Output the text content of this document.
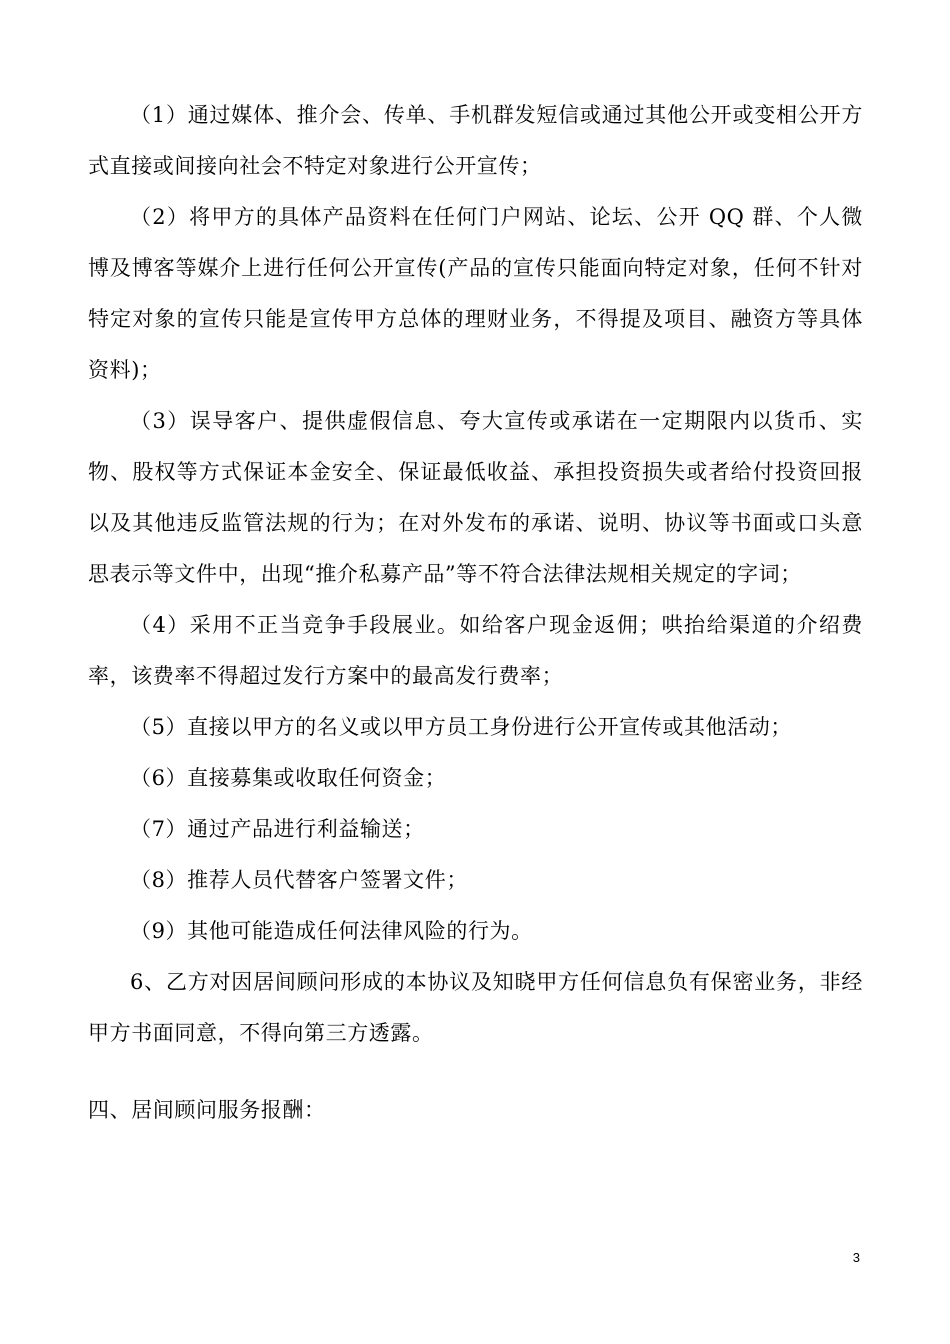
（1）通过媒体、推介会、传单、手机群发短信或通过其他公开或变相公开方式直接或间接向社会不特定对象进行公开宣传；

（2）将甲方的具体产品资料在任何门户网站、论坛、公开 QQ 群、个人微博及博客等媒介上进行任何公开宣传(产品的宣传只能面向特定对象，任何不针对特定对象的宣传只能是宣传甲方总体的理财业务，不得提及项目、融资方等具体资料)；

（3）误导客户、提供虚假信息、夸大宣传或承诺在一定期限内以货币、实物、股权等方式保证本金安全、保证最低收益、承担投资损失或者给付投资回报以及其他违反监管法规的行为；在对外发布的承诺、说明、协议等书面或口头意思表示等文件中，出现“推介私募产品”等不符合法律法规相关规定的字词；

（4）采用不正当竞争手段展业。如给客户现金返佣；哄抬给渠道的介绍费率，该费率不得超过发行方案中的最高发行费率；

（5）直接以甲方的名义或以甲方员工身份进行公开宣传或其他活动；

（6）直接募集或收取任何资金；

（7）通过产品进行利益输送；

（8）推荐人员代替客户签署文件；

（9）其他可能造成任何法律风险的行为。

6、乙方对因居间顾问形成的本协议及知晓甲方任何信息负有保密业务，非经甲方书面同意，不得向第三方透露。

四、居间顾问服务报酬：

3
